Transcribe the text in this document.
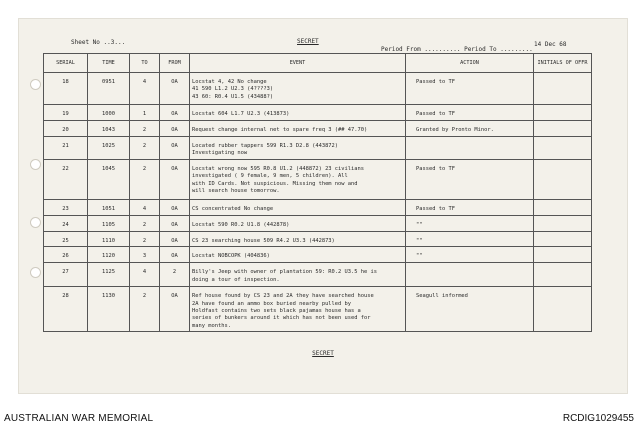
Sheet No ..3...	SECRET
Period From .......... Period To .........
14 Dec 68
SERIAL	TIME	TO	FROM	EVENT	ACTION	INITIALS OF OFFR
18	0951	4	OA	Locstat 4, 42 No change
41 590 L1.2 U2.3 (4????3)
43 60: R0.4 U1.5 (43488?)	Passed to TF	
19	1000	1	OA	Locstat 604 L1.7 U2.3 (413873)	Passed to TF	
20	1043	2	OA	Request change internal net to spare freq 3 (## 47.70)	Granted by Pronto Minor.	
21	1025	2	OA	Located rubber tappers 599 R1.3 D2.8 (443872)
Investigating now		

22	1045	2	OA	Locstat wrong now 595 R0.8 U1.2 (448872) 23 civilians
investigated ( 9 female, 9 men, 5 children). All
with ID Cards. Not suspicious. Missing them now and
will search house tomorrow.	Passed to TF	
23	1051	4	OA	CS concentrated No change	Passed to TF	
24	1105	2	OA	Locstat 590 R0.2 U1.8 (442878)	""	
25	1110	2	OA	CS 23 searching house 509 R4.2 U3.3 (442873)	""	
26	1120	3	OA	Locstat NOBCOPK (404836)	""	
27	1125	4	2	Billy's Jeep with owner of plantation 59: R0.2 U3.5 he is
doing a tour of inspection.		

28	1130	2	OA	Ref house found by CS 23 and 2A they have searched house
2A have found an ammo box buried nearby pulled by
Holdfast contains two sets black pajamas house has a
series of bunkers around it which has not been used for
many months.	Seagull informed	
SECRET
AUSTRALIAN WAR MEMORIAL	RCDIG1029455
